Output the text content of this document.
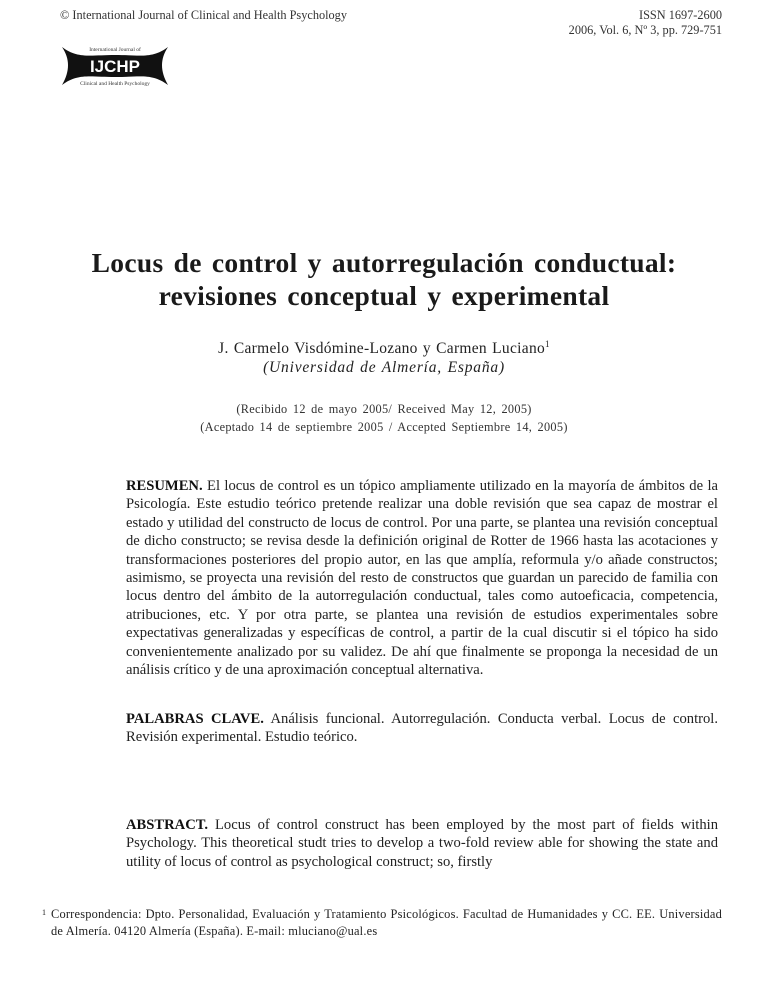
© International Journal of Clinical and Health Psychology	ISSN 1697-2600
2006, Vol. 6, Nº 3, pp. 729-751
International Journal of
IJCHP
Clinical and Health Psychology
Locus de control y autorregulación conductual:
revisiones conceptual y experimental
J. Carmelo Visdómine-Lozano y Carmen Luciano$^1$
(Universidad de Almería, España)
(Recibido 12 de mayo 2005/ Received May 12, 2005)
(Aceptado 14 de septiembre 2005 / Accepted Septiembre 14, 2005)
RESUMEN. El locus de control es un tópico ampliamente utilizado en la mayoría de ámbitos de la Psicología. Este estudio teórico pretende realizar una doble revisión que sea capaz de mostrar el estado y utilidad del constructo de locus de control. Por una parte, se plantea una revisión conceptual de dicho constructo; se revisa desde la definición original de Rotter de 1966 hasta las acotaciones y transformaciones posteriores del propio autor, en las que amplía, reformula y/o añade constructos; asimismo, se proyecta una revisión del resto de constructos que guardan un parecido de familia con locus dentro del ámbito de la autorregulación conductual, tales como autoeficacia, competencia, atribuciones, etc. Y por otra parte, se plantea una revisión de estudios experimentales sobre expectativas generalizadas y específicas de control, a partir de la cual discutir si el tópico ha sido convenientemente analizado por su validez. De ahí que finalmente se proponga la necesidad de un análisis crítico y de una aproximación conceptual alternativa.
PALABRAS CLAVE. Análisis funcional. Autorregulación. Conducta verbal. Locus de control. Revisión experimental. Estudio teórico.
ABSTRACT. Locus of control construct has been employed by the most part of fields within Psychology. This theoretical studt tries to develop a two-fold review able for showing the state and utility of locus of control as psychological construct; so, firstly
1 Correspondencia: Dpto. Personalidad, Evaluación y Tratamiento Psicológicos. Facultad de Humanidades y CC. EE. Universidad de Almería. 04120 Almería (España). E-mail: mluciano@ual.es
